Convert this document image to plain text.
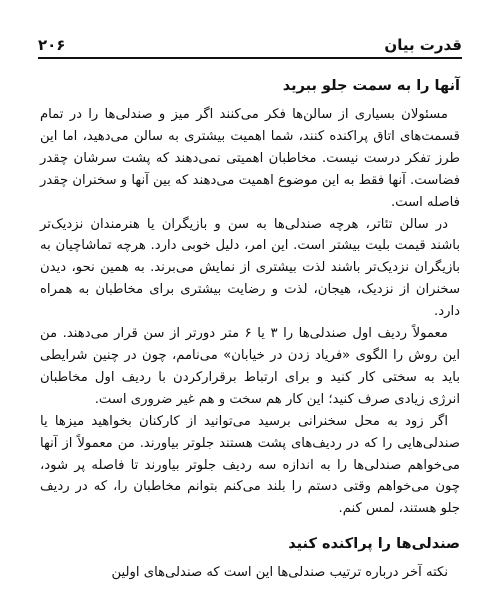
قدرت بیان
۲۰۶
آنها را به سمت جلو ببرید

مسئولان بسیاری از سالن‌ها فکر می‌کنند اگر میز و صندلی‌ها را در تمام قسمت‌های اتاق پراکنده کنند، شما اهمیت بیشتری به سالن می‌دهید، اما این طرز تفکر درست نیست. مخاطبان اهمیتی نمی‌دهند که پشت سرشان چقدر فضاست. آنها فقط به این موضوع اهمیت می‌دهند که بین آنها و سخنران چقدر فاصله است.

در سالن تئاتر، هرچه صندلی‌ها به سن و بازیگران یا هنرمندان نزدیک‌تر باشند قیمت بلیت بیشتر است. این امر، دلیل خوبی دارد. هرچه تماشاچیان به بازیگران نزدیک‌تر باشند لذت بیشتری از نمایش می‌برند. به همین نحو، دیدن سخنران از نزدیک، هیجان، لذت و رضایت بیشتری برای مخاطبان به همراه دارد.

معمولاً ردیف اول صندلی‌ها را ۳ یا ۶ متر دورتر از سن قرار می‌دهند. من این روش را الگوی «فریاد زدن در خیابان» می‌نامم، چون در چنین شرایطی باید به سختی کار کنید و برای ارتباط برقرارکردن با ردیف اول مخاطبان انرژی زیادی صرف کنید؛ این کار هم سخت و هم غیر ضروری است.

اگر زود به محل سخنرانی برسید می‌توانید از کارکنان بخواهید میزها یا صندلی‌هایی را که در ردیف‌های پشت هستند جلوتر بیاورند. من معمولاً از آنها می‌خواهم صندلی‌ها را به اندازه سه ردیف جلوتر بیاورند تا فاصله پر شود، چون می‌خواهم وقتی دستم را بلند می‌کنم بتوانم مخاطبان را، که در ردیف جلو هستند، لمس کنم.

صندلی‌ها را پراکنده کنید

نکته آخر درباره ترتیب صندلی‌ها این است که صندلی‌های اولین
